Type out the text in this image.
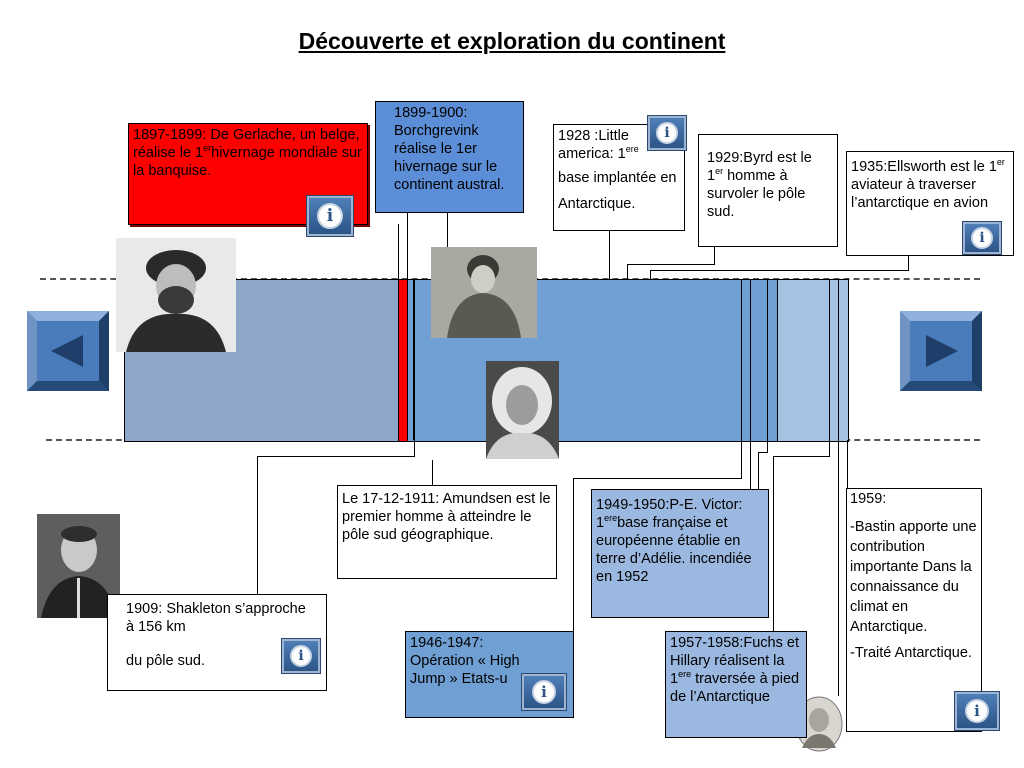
Découverte et exploration du continent

1897-1899: De Gerlache, un belge, réalise le 1erhivernage mondiale sur la banquise.

1899-1900: Borchgrevink réalise le 1er hivernage sur le continent austral.

1928 :Little america: 1ere
base implantée en Antarctique.

1929:Byrd est le 1er homme à survoler le pôle sud.

1935:Ellsworth est le 1er aviateur à traverser l’antarctique en avion

Le 17-12-1911: Amundsen est le premier homme à atteindre le pôle sud géographique.

1949-1950:P-E. Victor: 1erebase française et européenne établie en terre d’Adélie. incendiée en 1952

1959:

-Bastin apporte une contribution importante Dans la connaissance du climat en Antarctique.

-Traité Antarctique.

1909: Shakleton s’approche à 156 km

du pôle sud.

1946-1947: Opération « High Jump » Etats-u

1957-1958:Fuchs et Hillary réalisent la 1ere traversée à pied de l’Antarctique

i
i
i
i
i
i
